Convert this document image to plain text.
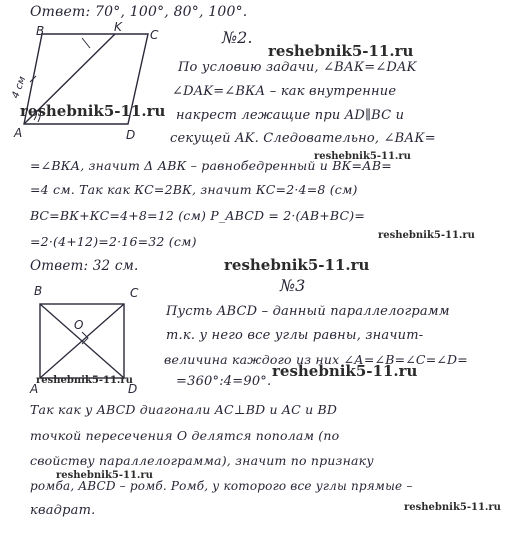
Ответ: 70°, 100°, 80°, 100°.
B	K
C
A	D
4 см
№2.
reshebnik5-11.ru
reshebnik5-11.ru
По условию задачи, ∠ВАК=∠DAK
∠DAK=∠ВКА – как внутренние
накрест лежащие при AD∥BC и
секущей AK. Следовательно, ∠ВАК=
reshebnik5-11.ru
=∠ВКА, значит Δ АВК – равнобедренный и ВК=АВ=
=4 см. Так как КС=2ВК, значит КС=2·4=8 (см)
ВС=ВК+КС=4+8=12 (см) P_ABCD = 2·(AB+BC)=
reshebnik5-11.ru
=2·(4+12)=2·16=32 (см)
Ответ: 32 см.	reshebnik5-11.ru
№3
B	C
O
A	D
Пусть ABCD – данный параллелограмм
т.к. у него все углы равны, значит-
величина каждого из них ∠А=∠В=∠С=∠D=
reshebnik5-11.ru	=360°:4=90°.
reshebnik5-11.ru
Так как у ABCD диагонали AC⊥BD и AC и BD
точкой пересечения О делятся пополам (по
свойству параллелограмма), значит по признаку
ромба, ABCD – ромб. Ромб, у которого все углы прямые –
reshebnik5-11.ru
квадрат.	reshebnik5-11.ru
